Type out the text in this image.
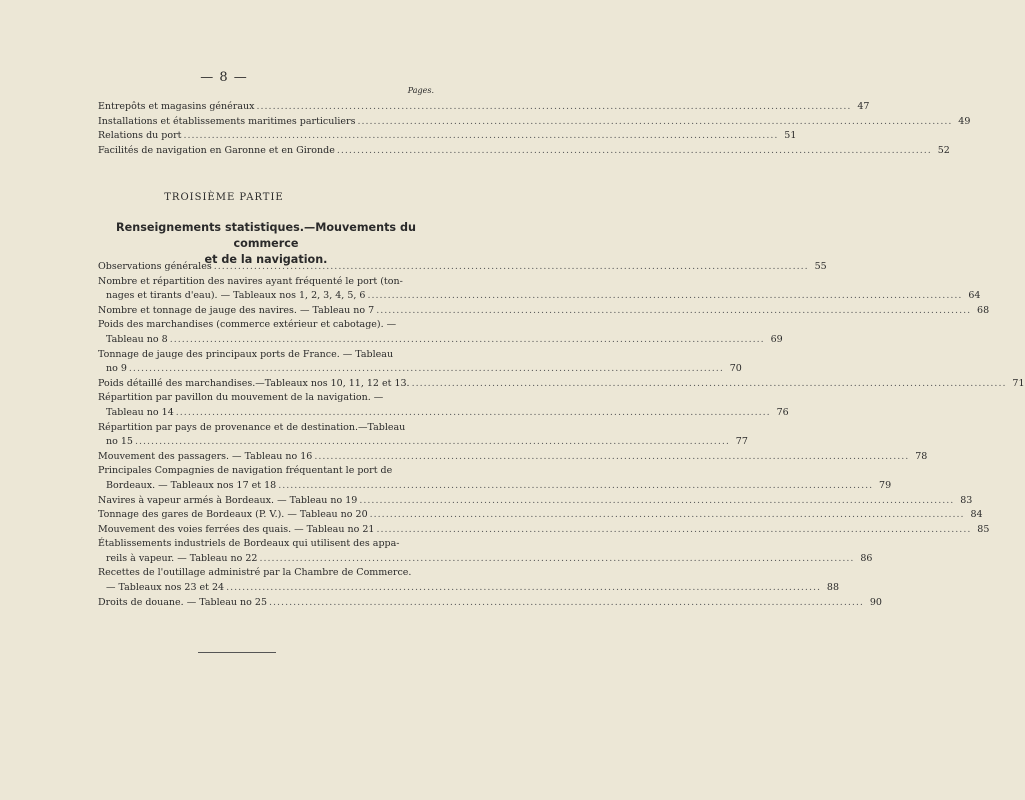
— 8 —
Pages.
Entrepôts et magasins généraux .....	47
Installations et établissements maritimes particuliers .....	49
Relations du port .....	51
Facilités de navigation en Garonne et en Gironde .....	52
TROISIÈME PARTIE
Renseignements statistiques.—Mouvements du commerce
et de la navigation.
Observations générales .....	55
Nombre et répartition des navires ayant fréquenté le port (ton-
nages et tirants d'eau). — Tableaux nos 1, 2, 3, 4, 5, 6 .....	64
Nombre et tonnage de jauge des navires. — Tableau no 7 .....	68
Poids des marchandises (commerce extérieur et cabotage). —
Tableau no 8 .....	69
Tonnage de jauge des principaux ports de France. — Tableau
no 9 .....	70
Poids détaillé des marchandises.—Tableaux nos 10, 11, 12 et 13. .....	71
Répartition par pavillon du mouvement de la navigation. —
Tableau no 14 .....	76
Répartition par pays de provenance et de destination.—Tableau
no 15 .....	77
Mouvement des passagers. — Tableau no 16 .....	78
Principales Compagnies de navigation fréquentant le port de
Bordeaux. — Tableaux nos 17 et 18 .....	79
Navires à vapeur armés à Bordeaux. — Tableau no 19 .....	83
Tonnage des gares de Bordeaux (P. V.). — Tableau no 20 .....	84
Mouvement des voies ferrées des quais. — Tableau no 21 .....	85
Établissements industriels de Bordeaux qui utilisent des appa-
reils à vapeur. — Tableau no 22 .....	86
Recettes de l'outillage administré par la Chambre de Commerce.
— Tableaux nos 23 et 24 .....	88
Droits de douane. — Tableau no 25 .....	90
